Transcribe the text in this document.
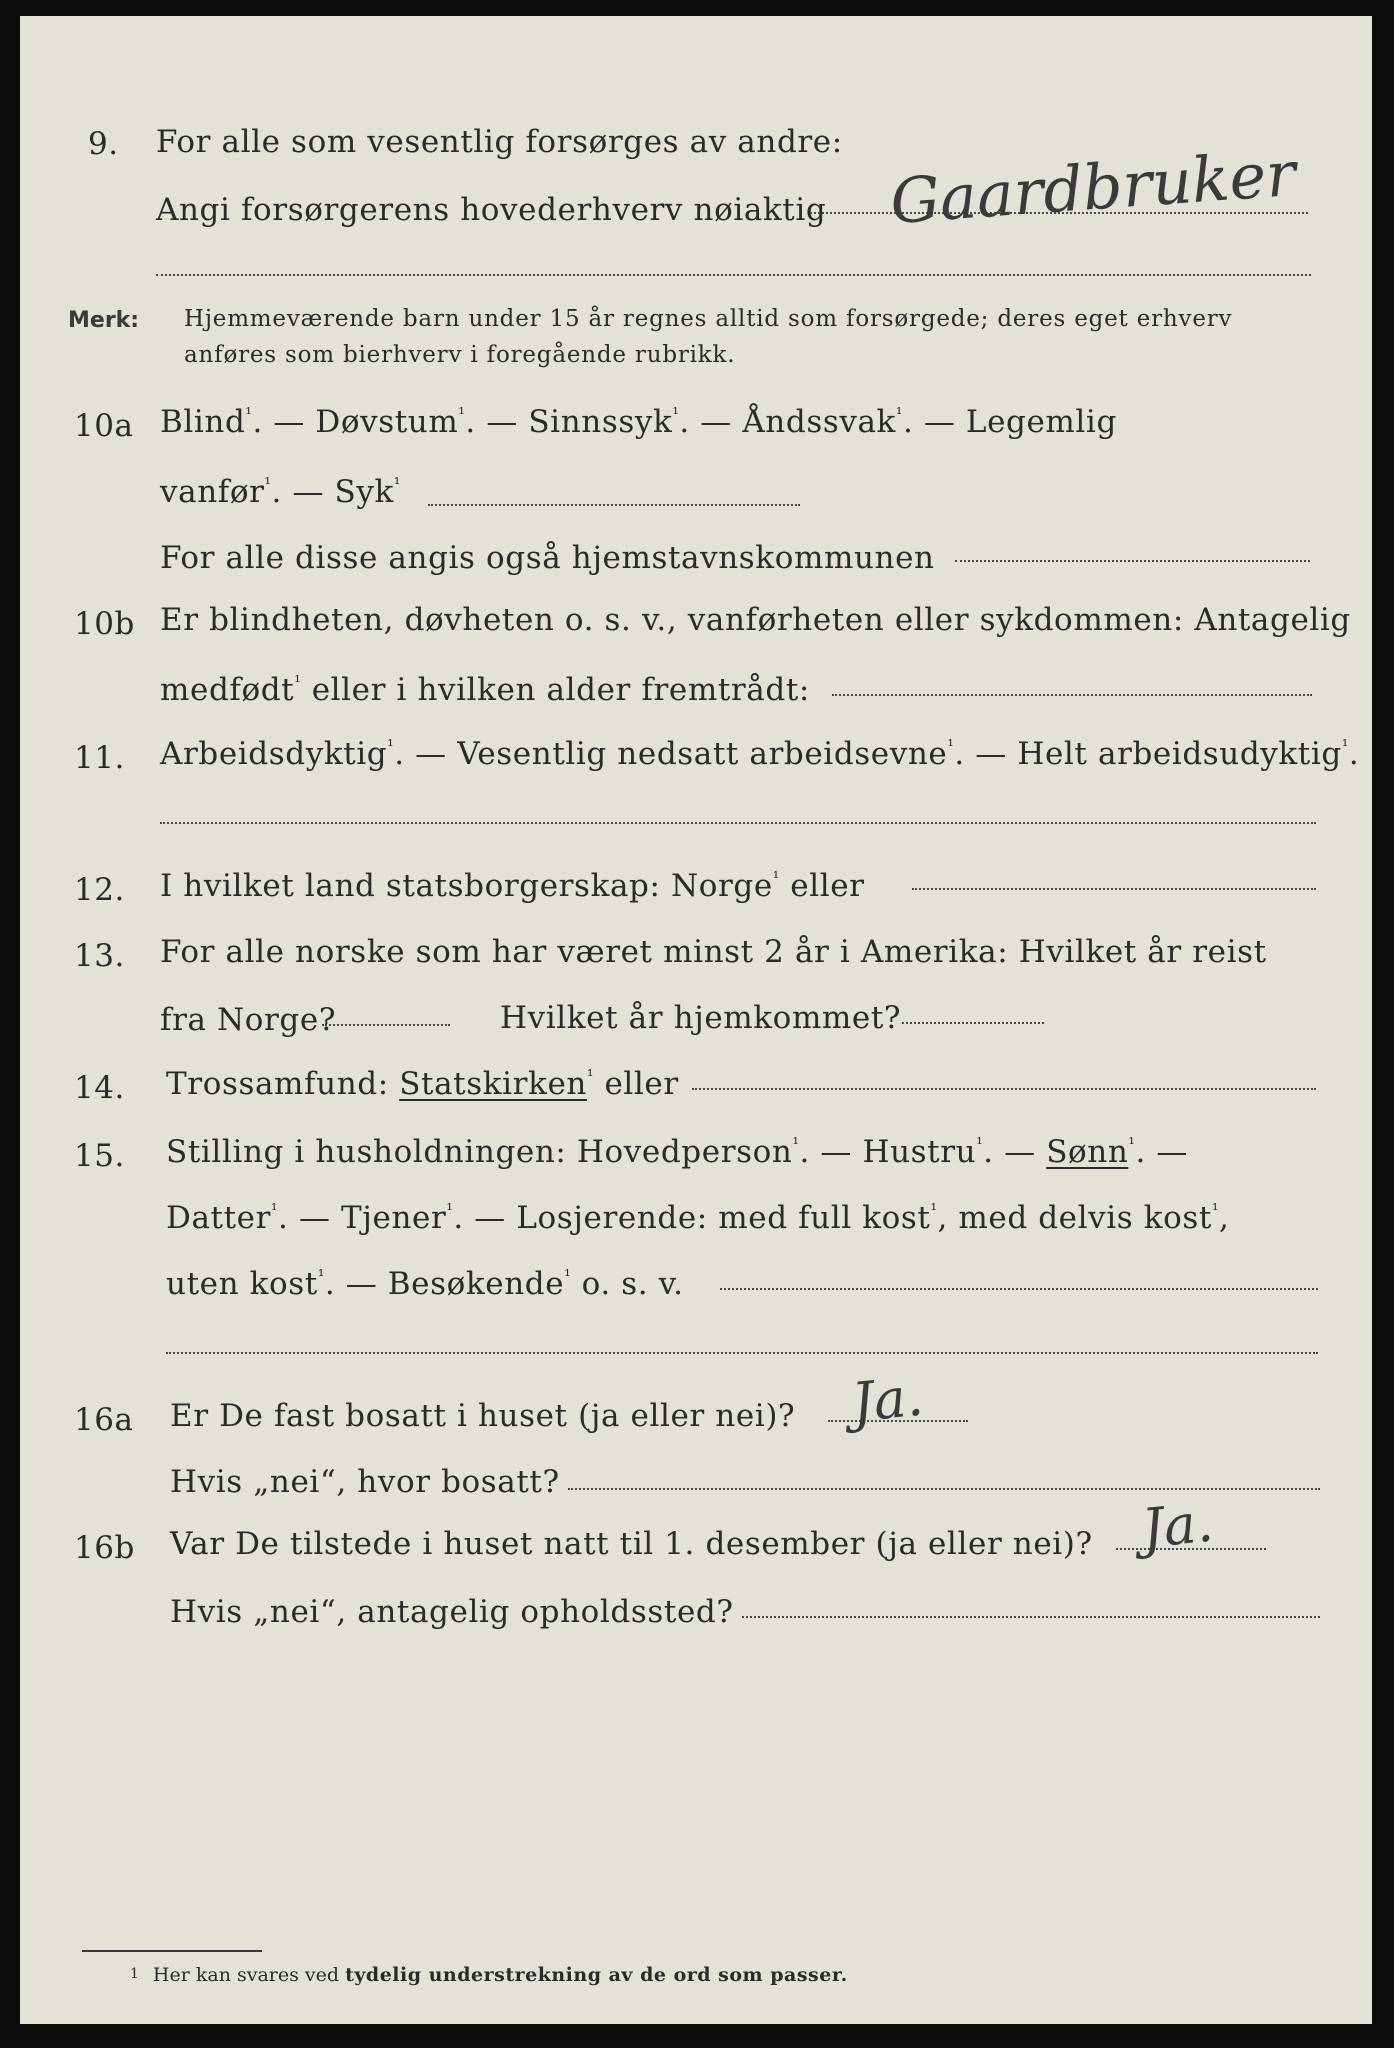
9.	For alle som vesentlig forsørges av andre:
Angi forsørgerens hovederhverv nøiaktig Gaardbruker
Merk: Hjemmeværende barn under 15 år regnes alltid som forsørgede; deres eget erhverv
anføres som bierhverv i foregående rubrikk.
10a Blind$^{^1}$. — Døvstum$^{^1}$. — Sinnssyk$^{^1}$. — Åndssvak$^{^1}$. — Legemlig
vanfør$^{^1}$. — Syk$^{^1}$
For alle disse angis også hjemstavnskommunen
10b Er blindheten, døvheten o. s. v., vanførheten eller sykdommen: Antagelig
medfødt$^{^1}$ eller i hvilken alder fremtrådt:
11.	Arbeidsdyktig$^{^1}$. — Vesentlig nedsatt arbeidsevne$^{^1}$. — Helt arbeidsudyktig$^{^1}$.
12.	I hvilket land statsborgerskap: Norge$^{^1}$ eller
13.	For alle norske som har været minst 2 år i Amerika: Hvilket år reist
fra Norge?	Hvilket år hjemkommet?
14.	Trossamfund: Statskirken$^{^1}$ eller
15.	Stilling i husholdningen: Hovedperson$^{^1}$. — Hustru$^{^1}$. — Sønn$^{^1}$. —
Datter$^{^1}$. — Tjener$^{^1}$. — Losjerende: med full kost$^{^1}$, med delvis kost$^{^1}$,
uten kost$^{^1}$. — Besøkende$^{^1}$ o. s. v.
16a	Er De fast bosatt i huset (ja eller nei)? Ja.
Hvis „nei“, hvor bosatt?
16b	Var De tilstede i huset natt til 1. desember (ja eller nei)? Ja.
Hvis „nei“, antagelig opholdssted?
1 Her kan svares ved tydelig understrekning av de ord som passer.
